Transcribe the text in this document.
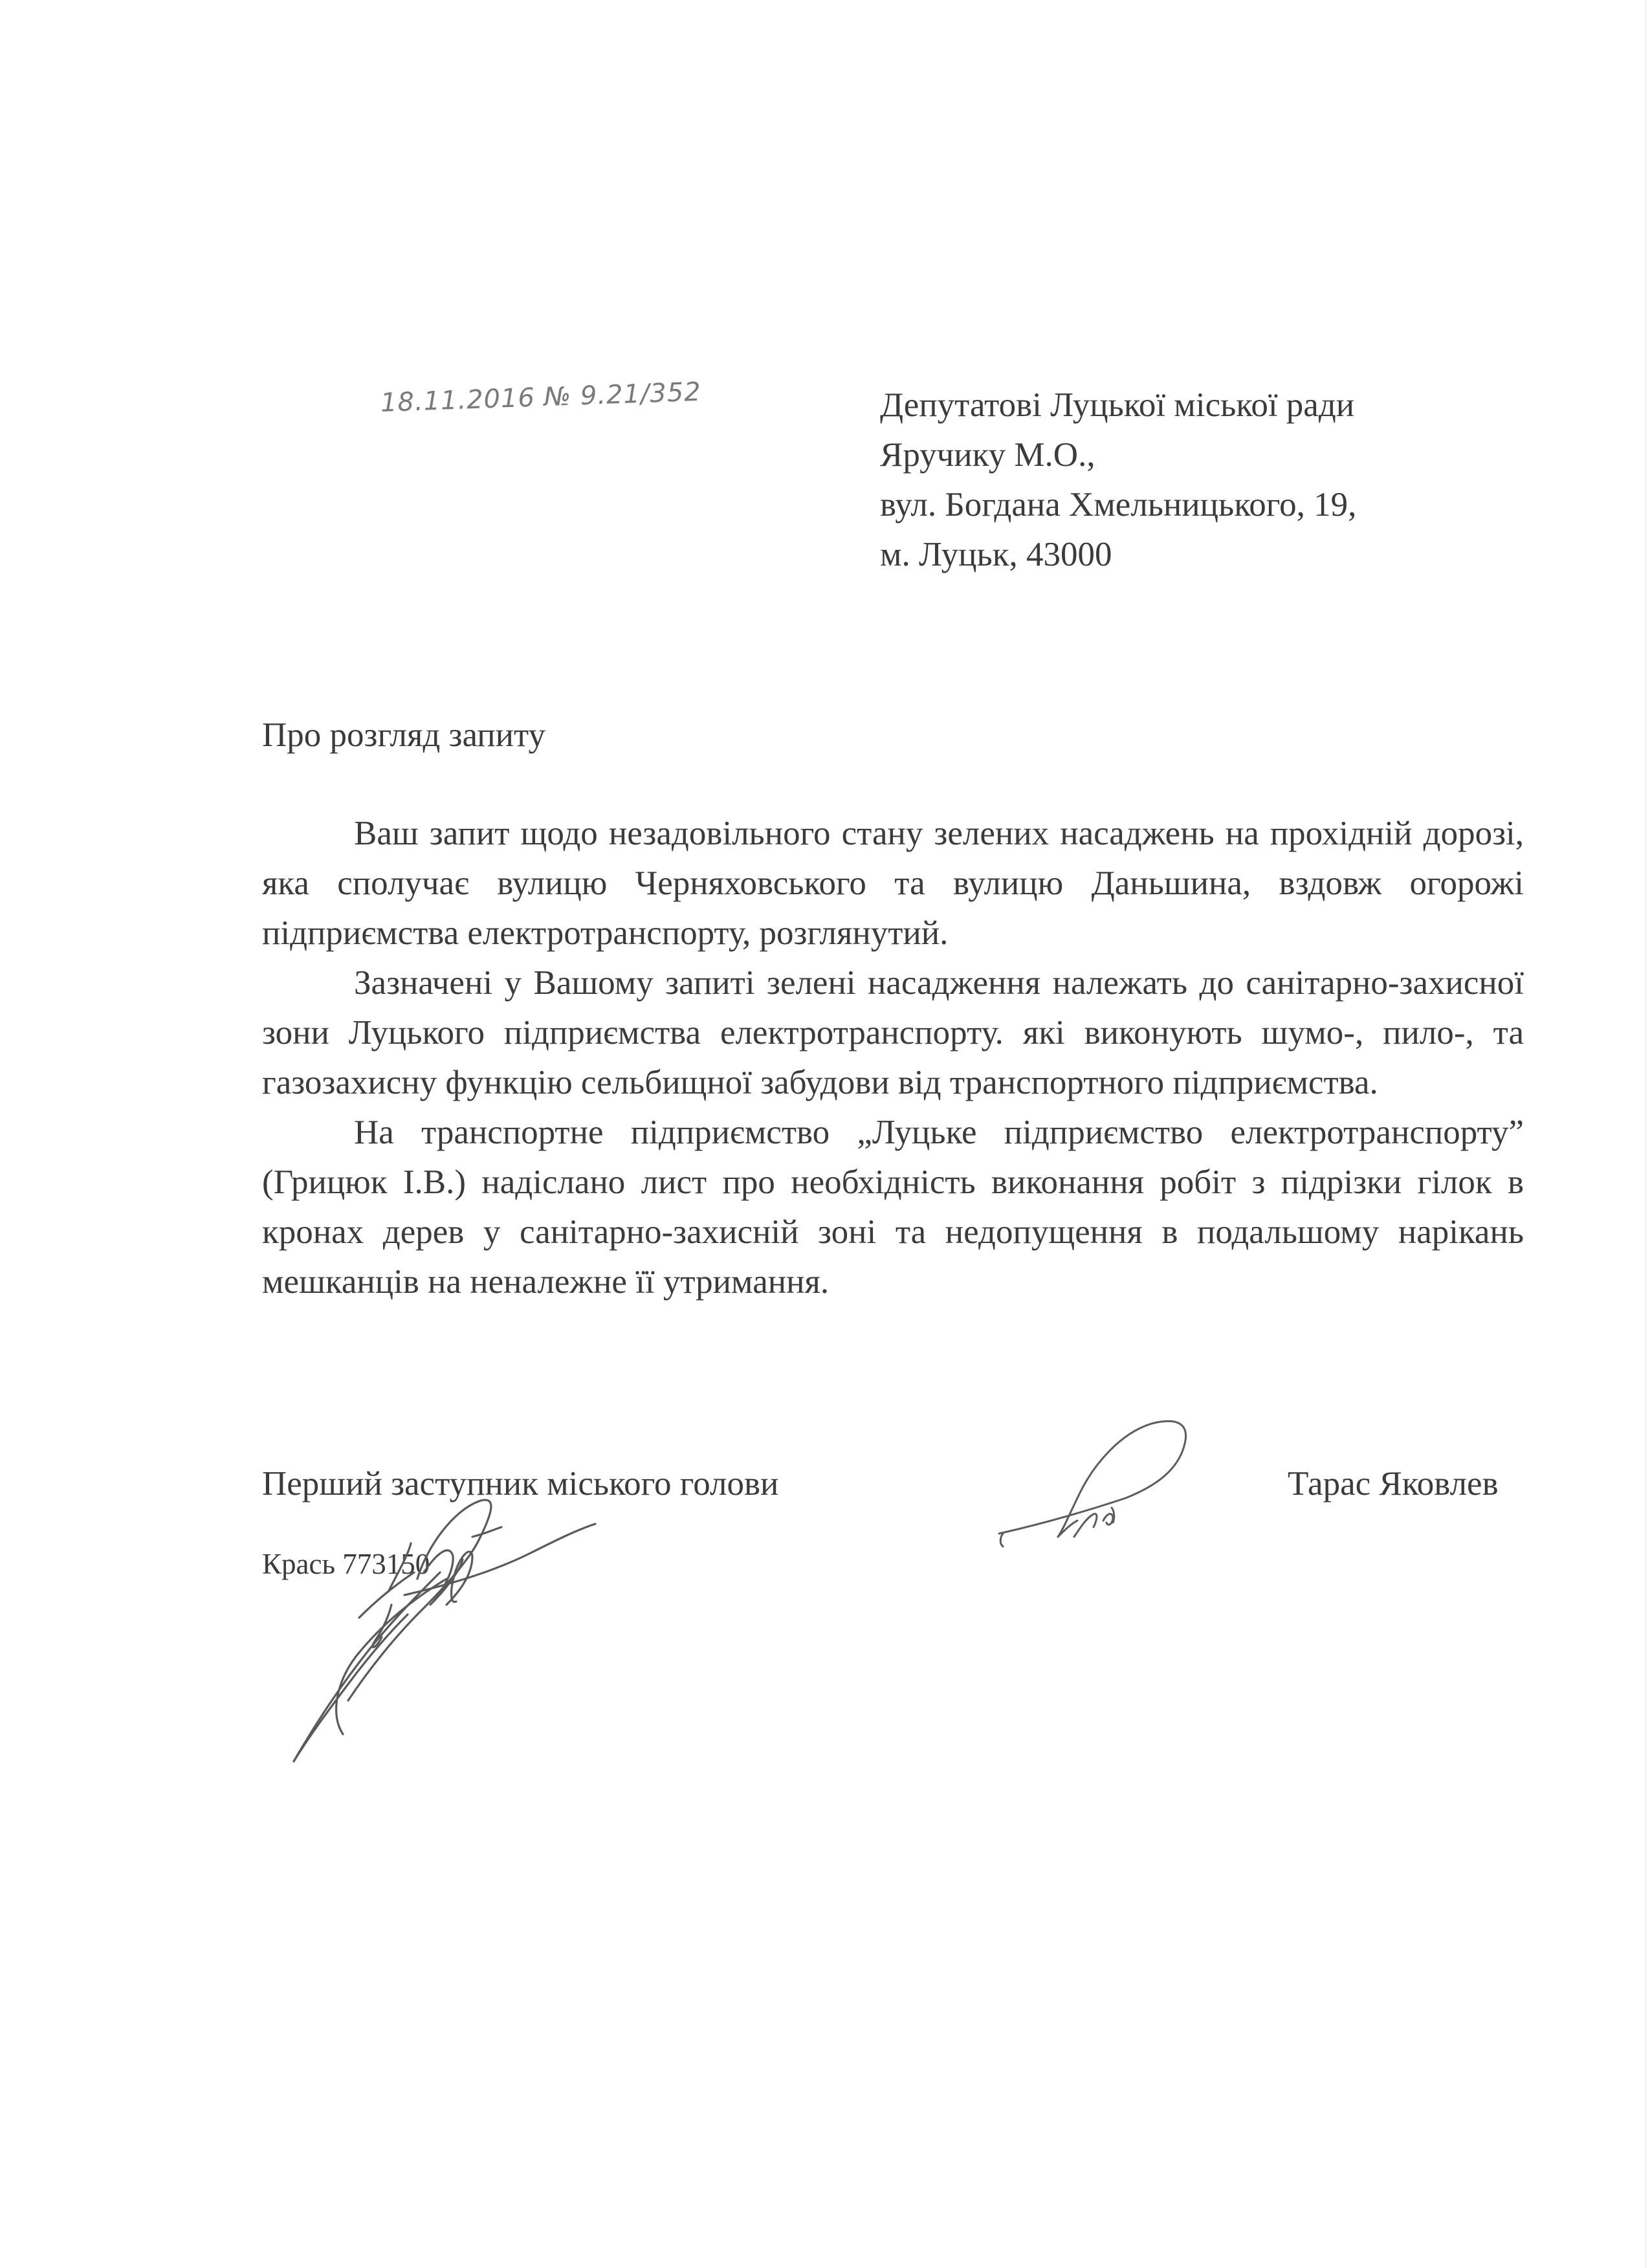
18.11.2016 № 9.21/352	Депутатові Луцької міської ради
Яручику М.О.,
вул. Богдана Хмельницького, 19,
м. Луцьк, 43000
Про розгляд запиту

Ваш запит щодо незадовільного стану зелених насаджень на прохідній дорозі, яка сполучає вулицю Черняховського та вулицю Даньшина, вздовж огорожі підприємства електротранспорту, розглянутий.

Зазначені у Вашому запиті зелені насадження належать до санітарно-захисної зони Луцького підприємства електротранспорту. які виконують шумо-, пило-, та газозахисну функцію сельбищної забудови від транспортного підприємства.

На транспортне підприємство „Луцьке підприємство електротранспорту” (Грицюк І.В.) надіслано лист про необхідність виконання робіт з підрізки гілок в кронах дерев у санітарно-захисній зоні та недопущення в подальшому нарікань мешканців на неналежне її утримання.

Перший заступник міського голови	Тарас Яковлев
Крась 773150
